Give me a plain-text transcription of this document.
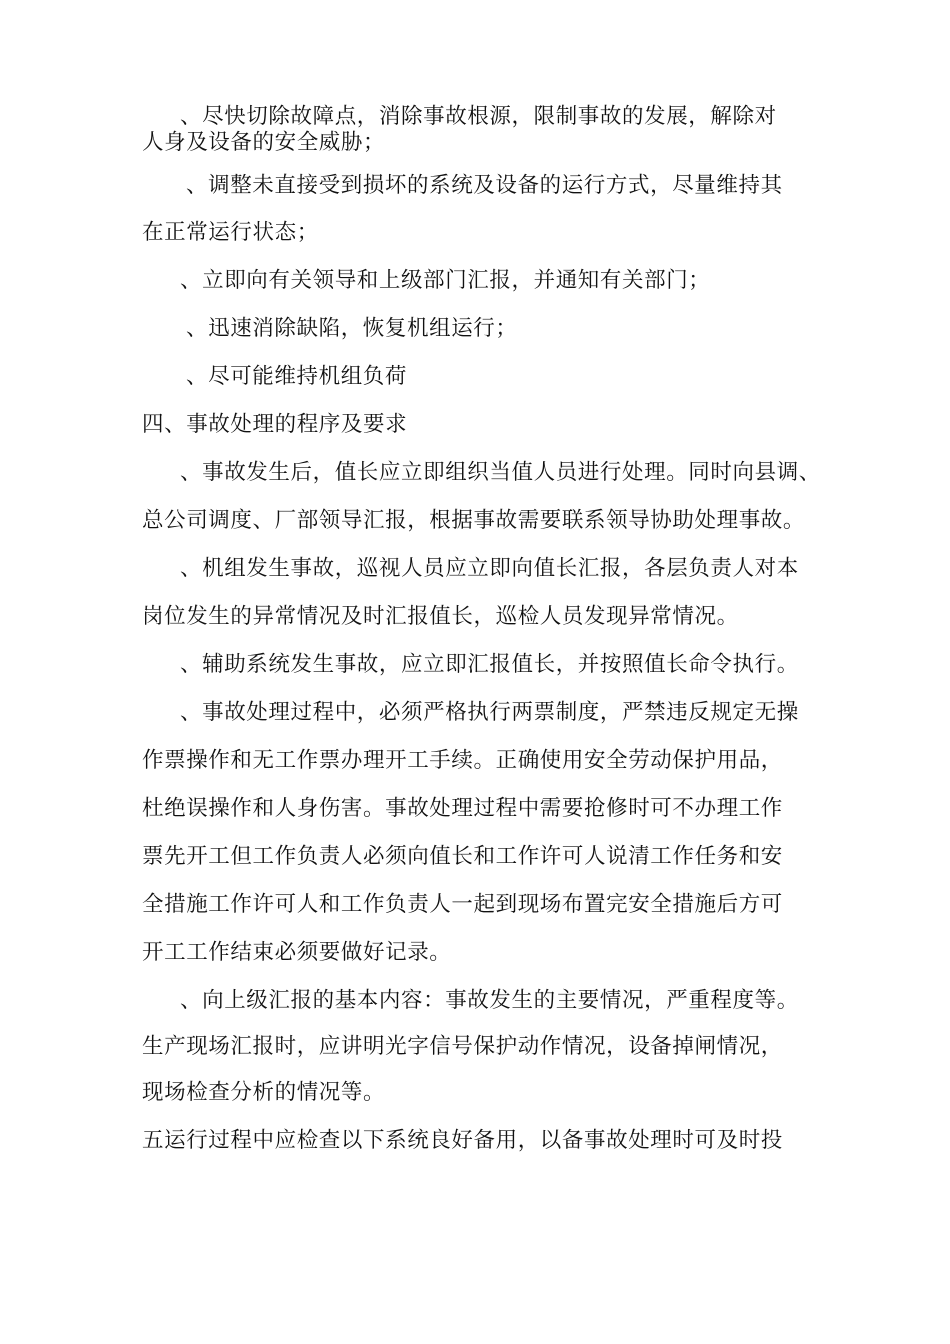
、尽快切除故障点，消除事故根源，限制事故的发展，解除对
人身及设备的安全威胁；
、调整未直接受到损坏的系统及设备的运行方式，尽量维持其
在正常运行状态；
、立即向有关领导和上级部门汇报，并通知有关部门；
、迅速消除缺陷，恢复机组运行；
、尽可能维持机组负荷
四、事故处理的程序及要求
、事故发生后，值长应立即组织当值人员进行处理。同时向县调、
总公司调度、厂部领导汇报，根据事故需要联系领导协助处理事故。
、机组发生事故，巡视人员应立即向值长汇报，各层负责人对本
岗位发生的异常情况及时汇报值长，巡检人员发现异常情况。
、辅助系统发生事故，应立即汇报值长，并按照值长命令执行。
、事故处理过程中，必须严格执行两票制度，严禁违反规定无操
作票操作和无工作票办理开工手续。正确使用安全劳动保护用品，
杜绝误操作和人身伤害。事故处理过程中需要抢修时可不办理工作
票先开工但工作负责人必须向值长和工作许可人说清工作任务和安
全措施工作许可人和工作负责人一起到现场布置完安全措施后方可
开工工作结束必须要做好记录。
、向上级汇报的基本内容：事故发生的主要情况，严重程度等。
生产现场汇报时，应讲明光字信号保护动作情况，设备掉闸情况，
现场检查分析的情况等。
五运行过程中应检查以下系统良好备用，以备事故处理时可及时投
